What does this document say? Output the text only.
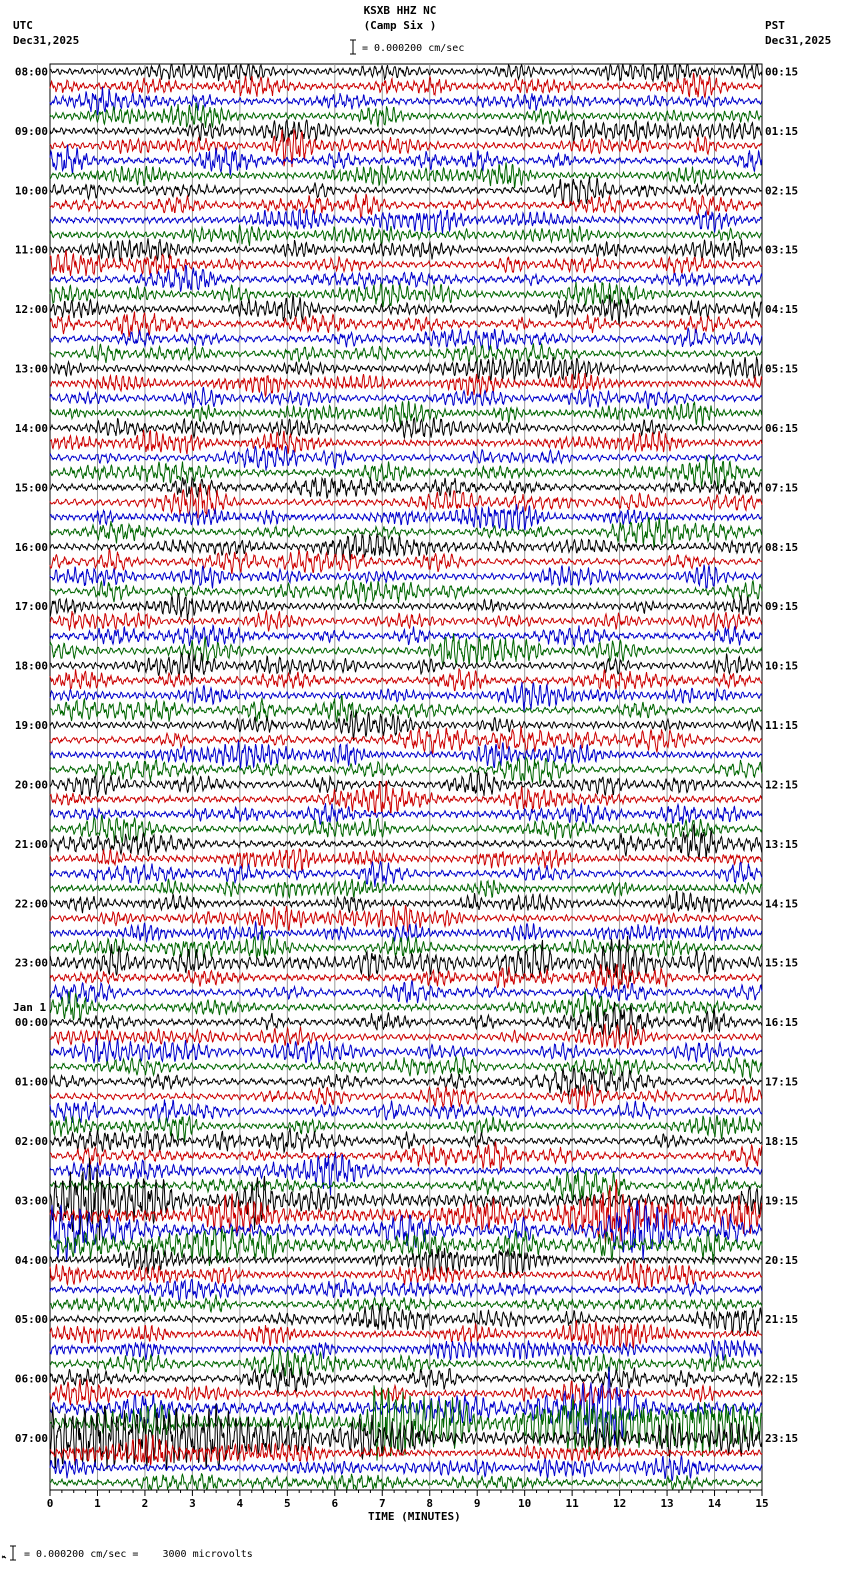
08:00
09:00
10:00
11:00
12:00
13:00
14:00
15:00
16:00
17:00
18:00
19:00
20:00
21:00
22:00
23:00
00:00
01:00
02:00
03:00
04:00
05:00
06:00
07:00
Jan 1
00:15
01:15
02:15
03:15
04:15
05:15
06:15
07:15
08:15
09:15
10:15
11:15
12:15
13:15
14:15
15:15
16:15
17:15
18:15
19:15
20:15
21:15
22:15
23:15
0	1	2	3	4	5	6	7	8	9	10	11	12	13	14	15
KSXB HHZ NC
(Camp Six )
UTC
Dec31,2025
PST
Dec31,2025
= 0.000200 cm/sec
TIME (MINUTES)
= 0.000200 cm/sec =    3000 microvolts
